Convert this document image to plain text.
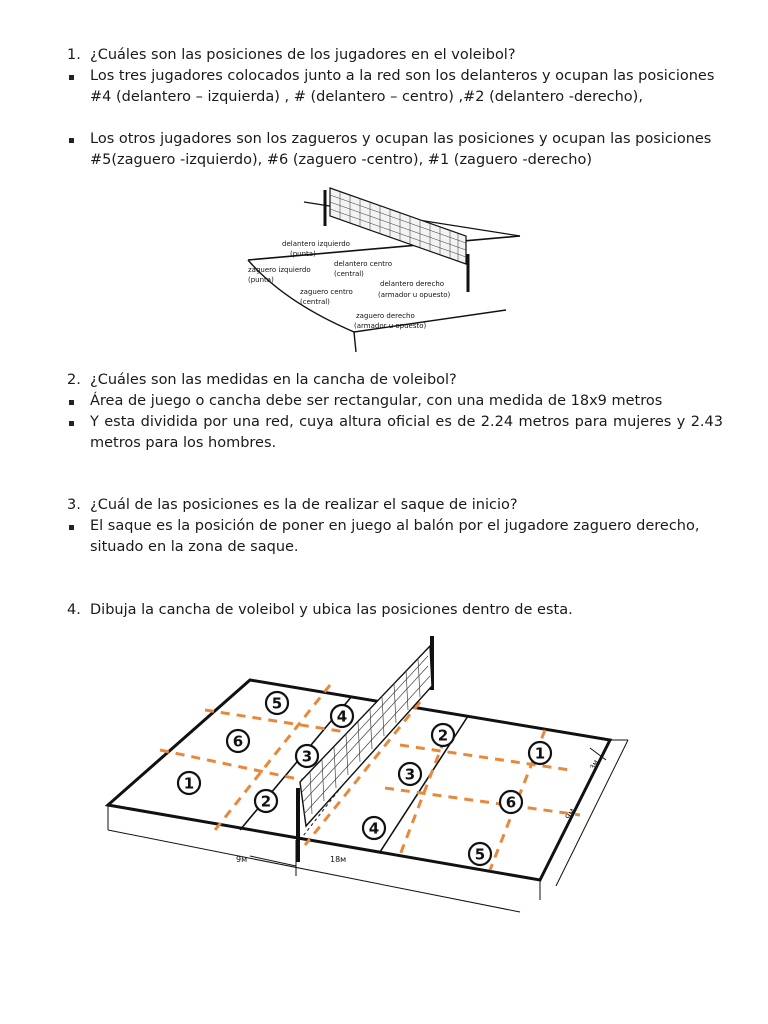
1. ¿Cuáles son las posiciones de los jugadores en el voleibol?
Los tres jugadores colocados junto a la red son los delanteros y ocupan las posiciones #4 (delantero – izquierda) , # (delantero – centro) ,#2 (delantero -derecho),
Los otros jugadores son los zagueros y ocupan las posiciones y ocupan las posiciones #5(zaguero -izquierdo), #6 (zaguero -centro), #1 (zaguero -derecho)
delantero izquierdo
(punta)
zaguero izquierdo
(punta)
delantero centro
(central)
zaguero centro
(central)
delantero derecho
(armador u opuesto)
zaguero derecho
(armador u opuesto)
2. ¿Cuáles son las medidas en la cancha de voleibol?
Área de juego o cancha debe ser rectangular, con una medida de 18x9 metros
Y esta dividida por una red, cuya altura oficial es de 2.24 metros para mujeres y 2.43 metros para los hombres.
3. ¿Cuál de las posiciones es la de realizar el saque de inicio?
El saque es la posición de poner en juego al balón por el jugadore zaguero derecho, situado en la zona de saque.
4. Dibuja la cancha de voleibol y ubica las posiciones dentro de esta.
9м	18м
9м
3м
5
4
6
3
1
2
2
1
3
6
4
5
